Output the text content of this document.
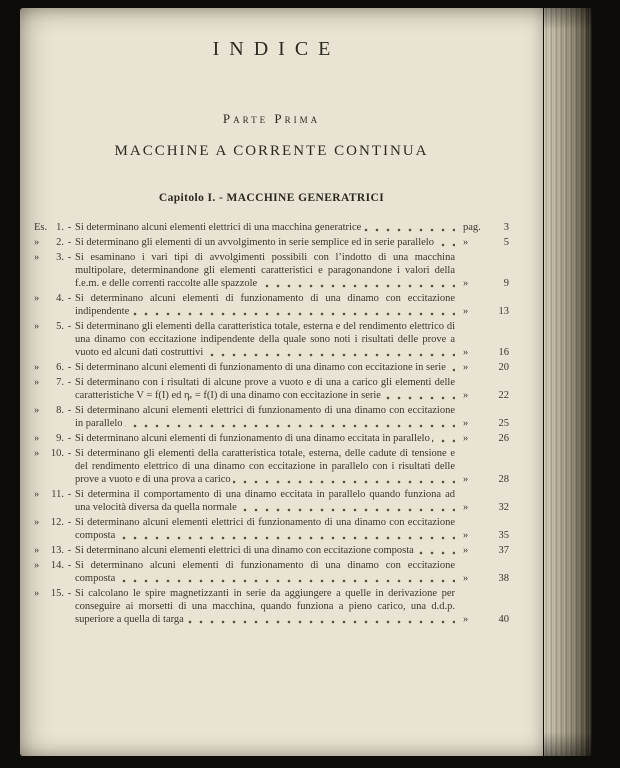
INDICE
Parte Prima
MACCHINE A CORRENTE CONTINUA
Capitolo I. - MACCHINE GENERATRICI
Es. 1. - Si determinano alcuni elementi elettrici di una macchina generatrice	pag. 3
» 2. - Si determinano gli elementi di un avvolgimento in serie semplice ed in serie parallelo	»	5
» 3. - Si esaminano i vari tipi di avvolgimenti possibili con l’indotto di una macchina multipolare, determinandone gli elementi caratteristici e paragonandone i valori della f.e.m. e delle correnti raccolte alle spazzole	»	9
» 4. - Si determinano alcuni elementi di funzionamento di una dinamo con eccitazione indipendente	»	13
» 5. - Si determinano gli elementi della caratteristica totale, esterna e del rendimento elettrico di una dinamo con eccitazione indipendente della quale sono noti i risultati delle prove a vuoto ed alcuni dati costruttivi	»	16
» 6. - Si determinano alcuni elementi di funzionamento di una dinamo con eccitazione in serie	»	20
» 7. - Si determinano con i risultati di alcune prove a vuoto e di una a carico gli elementi delle caratteristiche V = f(I) ed ηₑ = f(I) di una dinamo con eccitazione in serie	»	22
» 8. - Si determinano alcuni elementi elettrici di funzionamento di una dinamo con eccitazione in parallelo	»	25
» 9. - Si determinano alcuni elementi di funzionamento di una dinamo eccitata in parallelo	»	26
» 10. - Si determinano gli elementi della caratteristica totale, esterna, delle cadute di tensione e del rendimento elettrico di una dinamo con eccitazione in parallelo con i risultati delle prove a vuoto e di una prova a carico	»	28
» 11. - Si determina il comportamento di una dinamo eccitata in parallelo quando funziona ad una velocità diversa da quella normale	»	32
» 12. - Si determinano alcuni elementi elettrici di funzionamento di una dinamo con eccitazione composta	»	35
» 13. - Si determinano alcuni elementi elettrici di una dinamo con eccitazione composta	»	37
» 14. - Si determinano alcuni elementi di funzionamento di una dinamo con eccitazione composta	»	38
» 15. - Si calcolano le spire magnetizzanti in serie da aggiungere a quelle in derivazione per conseguire ai morsetti di una macchina, quando funziona a pieno carico, una d.d.p. superiore a quella di targa	»	40
